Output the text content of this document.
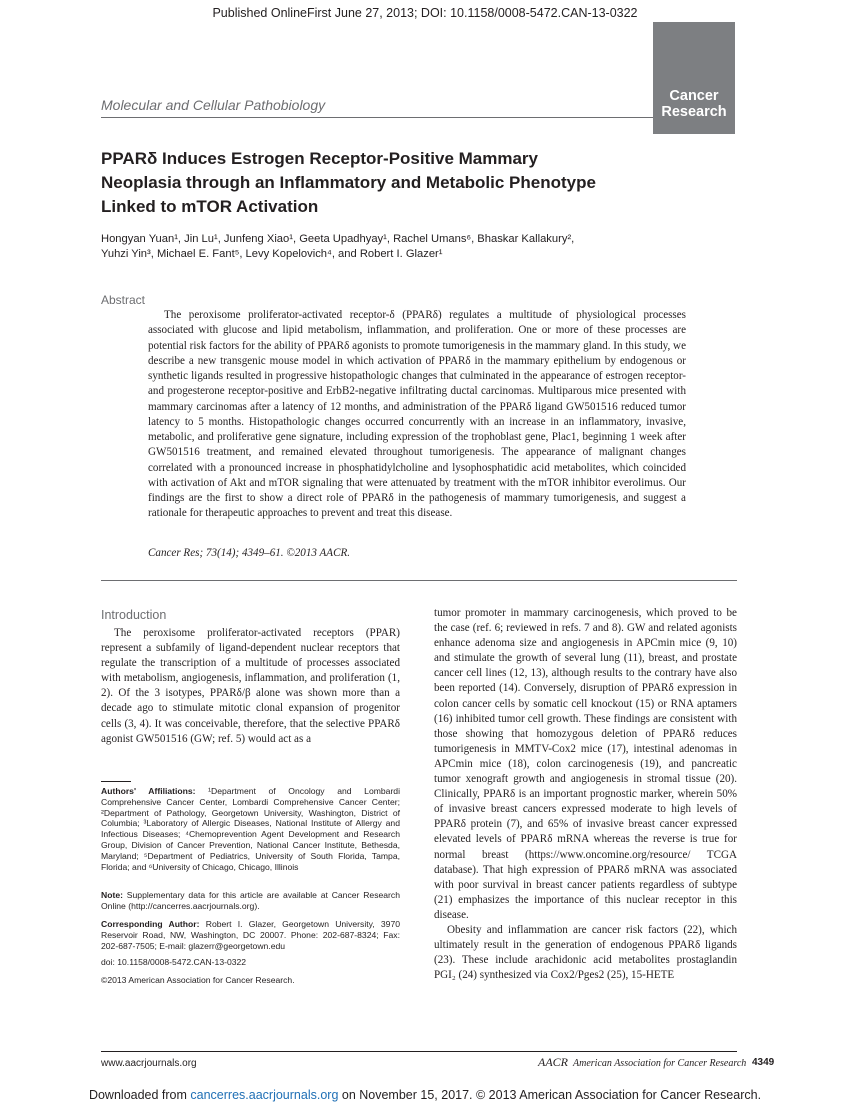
Published OnlineFirst June 27, 2013; DOI: 10.1158/0008-5472.CAN-13-0322
Cancer
Research
Molecular and Cellular Pathobiology
PPARδ Induces Estrogen Receptor-Positive Mammary Neoplasia through an Inflammatory and Metabolic Phenotype Linked to mTOR Activation
Hongyan Yuan¹, Jin Lu¹, Junfeng Xiao¹, Geeta Upadhyay¹, Rachel Umans⁶, Bhaskar Kallakury²,
Yuhzi Yin³, Michael E. Fant⁵, Levy Kopelovich⁴, and Robert I. Glazer¹
Abstract
The peroxisome proliferator-activated receptor-δ (PPARδ) regulates a multitude of physiological processes associated with glucose and lipid metabolism, inflammation, and proliferation. One or more of these processes are potential risk factors for the ability of PPARδ agonists to promote tumorigenesis in the mammary gland. In this study, we describe a new transgenic mouse model in which activation of PPARδ in the mammary epithelium by endogenous or synthetic ligands resulted in progressive histopathologic changes that culminated in the appearance of estrogen receptor- and progesterone receptor-positive and ErbB2-negative infiltrating ductal carcinomas. Multiparous mice presented with mammary carcinomas after a latency of 12 months, and administration of the PPARδ ligand GW501516 reduced tumor latency to 5 months. Histopathologic changes occurred concurrently with an increase in an inflammatory, invasive, metabolic, and proliferative gene signature, including expression of the trophoblast gene, Plac1, beginning 1 week after GW501516 treatment, and remained elevated throughout tumorigenesis. The appearance of malignant changes correlated with a pronounced increase in phosphatidylcholine and lysophosphatidic acid metabolites, which coincided with activation of Akt and mTOR signaling that were attenuated by treatment with the mTOR inhibitor everolimus. Our findings are the first to show a direct role of PPARδ in the pathogenesis of mammary tumorigenesis, and suggest a rationale for therapeutic approaches to prevent and treat this disease.
Cancer Res; 73(14); 4349–61. ©2013 AACR.
Introduction

The peroxisome proliferator-activated receptors (PPAR) represent a subfamily of ligand-dependent nuclear receptors that regulate the transcription of a multitude of processes associated with metabolism, angiogenesis, inflammation, and proliferation (1, 2). Of the 3 isotypes, PPARδ/β alone was shown more than a decade ago to stimulate mitotic clonal expansion of progenitor cells (3, 4). It was conceivable, therefore, that the selective PPARδ agonist GW501516 (GW; ref. 5) would act as a

tumor promoter in mammary carcinogenesis, which proved to be the case (ref. 6; reviewed in refs. 7 and 8). GW and related agonists enhance adenoma size and angiogenesis in APCmin mice (9, 10) and stimulate the growth of several lung (11), breast, and prostate cancer cell lines (12, 13), although results to the contrary have also been reported (14). Conversely, disruption of PPARδ expression in colon cancer cells by somatic cell knockout (15) or RNA aptamers (16) inhibited tumor cell growth. These findings are consistent with those showing that homozygous deletion of PPARδ reduces tumorigenesis in MMTV-Cox2 mice (17), intestinal adenomas in APCmin mice (18), colon carcinogenesis (19), and pancreatic tumor xenograft growth and angiogenesis in stromal tissue (20). Clinically, PPARδ is an important prognostic marker, wherein 50% of invasive breast cancers expressed moderate to high levels of PPARδ protein (7), and 65% of invasive breast cancer expressed elevated levels of PPARδ mRNA whereas the reverse is true for normal breast (https://www.oncomine.org/resource/ TCGA database). That high expression of PPARδ mRNA was associated with poor survival in breast cancer patients regardless of subtype (21) emphasizes the importance of this nuclear receptor in this disease.

Obesity and inflammation are cancer risk factors (22), which ultimately result in the generation of endogenous PPARδ ligands (23). These include arachidonic acid metabolites prostaglandin PGI₂ (24) synthesized via Cox2/Pges2 (25), 15-HETE

Authors' Affiliations: ¹Department of Oncology and Lombardi Comprehensive Cancer Center, Lombardi Comprehensive Cancer Center; ²Department of Pathology, Georgetown University, Washington, District of Columbia; ³Laboratory of Allergic Diseases, National Institute of Allergy and Infectious Diseases; ⁴Chemoprevention Agent Development and Research Group, Division of Cancer Prevention, National Cancer Institute, Bethesda, Maryland; ⁵Department of Pediatrics, University of South Florida, Tampa, Florida; and ⁶University of Chicago, Chicago, Illinois
Note: Supplementary data for this article are available at Cancer Research Online (http://cancerres.aacrjournals.org).
Corresponding Author: Robert I. Glazer, Georgetown University, 3970 Reservoir Road, NW, Washington, DC 20007. Phone: 202-687-8324; Fax: 202-687-7505; E-mail: glazerr@georgetown.edu
doi: 10.1158/0008-5472.CAN-13-0322
©2013 American Association for Cancer Research.
www.aacrjournals.org	AACR American Association for Cancer Research 4349
Downloaded from cancerres.aacrjournals.org on November 15, 2017. © 2013 American Association for Cancer Research.
